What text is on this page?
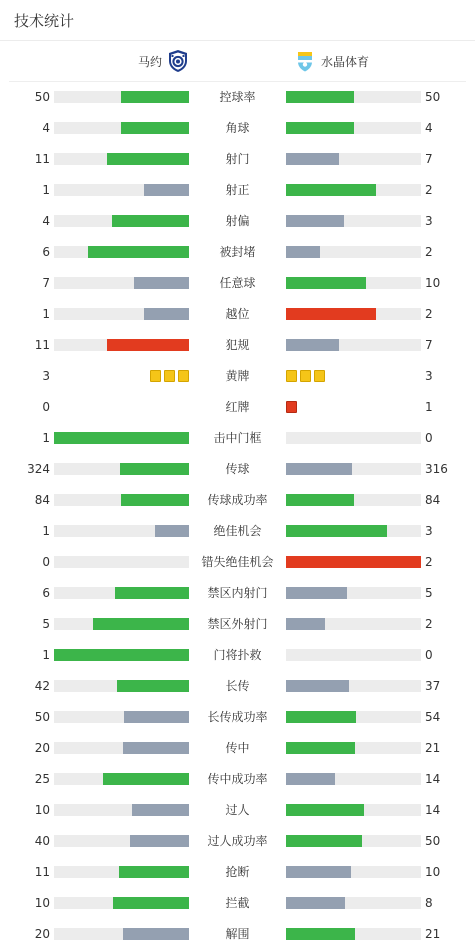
技术统计
马约	水晶体育
50	控球率	50
4	角球	4
11	射门	7
1	射正	2
4	射偏	3
6	被封堵	2
7	任意球	10
1	越位	2
11	犯规	7
3	黄牌	3
0	红牌	1
1	击中门框	0
324	传球	316
84	传球成功率	84
1	绝佳机会	3
0	错失绝佳机会	2
6	禁区内射门	5
5	禁区外射门	2
1	门将扑救	0
42	长传	37
50	长传成功率	54
20	传中	21
25	传中成功率	14
10	过人	14
40	过人成功率	50
11	抢断	10
10	拦截	8
20	解围	21
